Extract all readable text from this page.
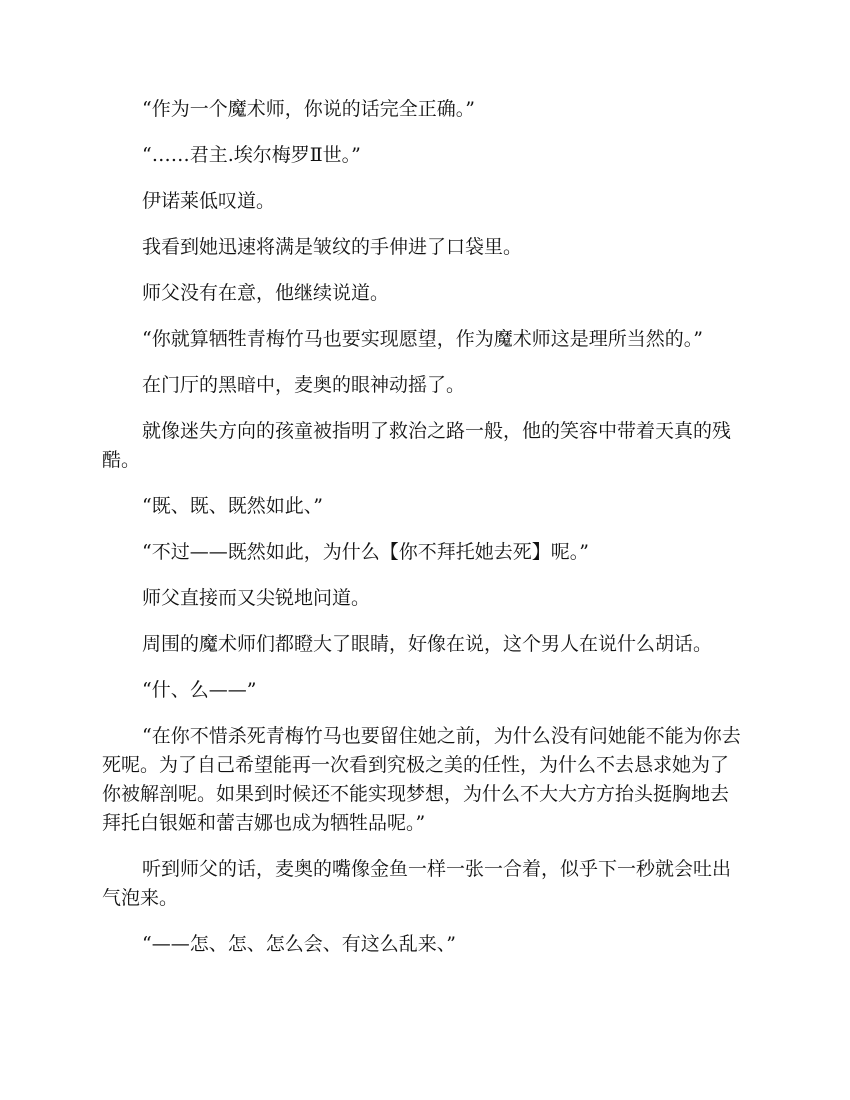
“作为一个魔术师，你说的话完全正确。”

“……君主.埃尔梅罗Ⅱ世。”

伊诺莱低叹道。

我看到她迅速将满是皱纹的手伸进了口袋里。

师父没有在意，他继续说道。

“你就算牺牲青梅竹马也要实现愿望，作为魔术师这是理所当然的。”

在门厅的黑暗中，麦奥的眼神动摇了。

就像迷失方向的孩童被指明了救治之路一般，他的笑容中带着天真的残酷。

“既、既、既然如此、”

“不过——既然如此，为什么【你不拜托她去死】呢。”

师父直接而又尖锐地问道。

周围的魔术师们都瞪大了眼睛，好像在说，这个男人在说什么胡话。

“什、么——”

“在你不惜杀死青梅竹马也要留住她之前，为什么没有问她能不能为你去死呢。为了自己希望能再一次看到究极之美的任性，为什么不去恳求她为了你被解剖呢。如果到时候还不能实现梦想，为什么不大大方方抬头挺胸地去拜托白银姬和蕾吉娜也成为牺牲品呢。”

听到师父的话，麦奥的嘴像金鱼一样一张一合着，似乎下一秒就会吐出气泡来。

“——怎、怎、怎么会、有这么乱来、”
